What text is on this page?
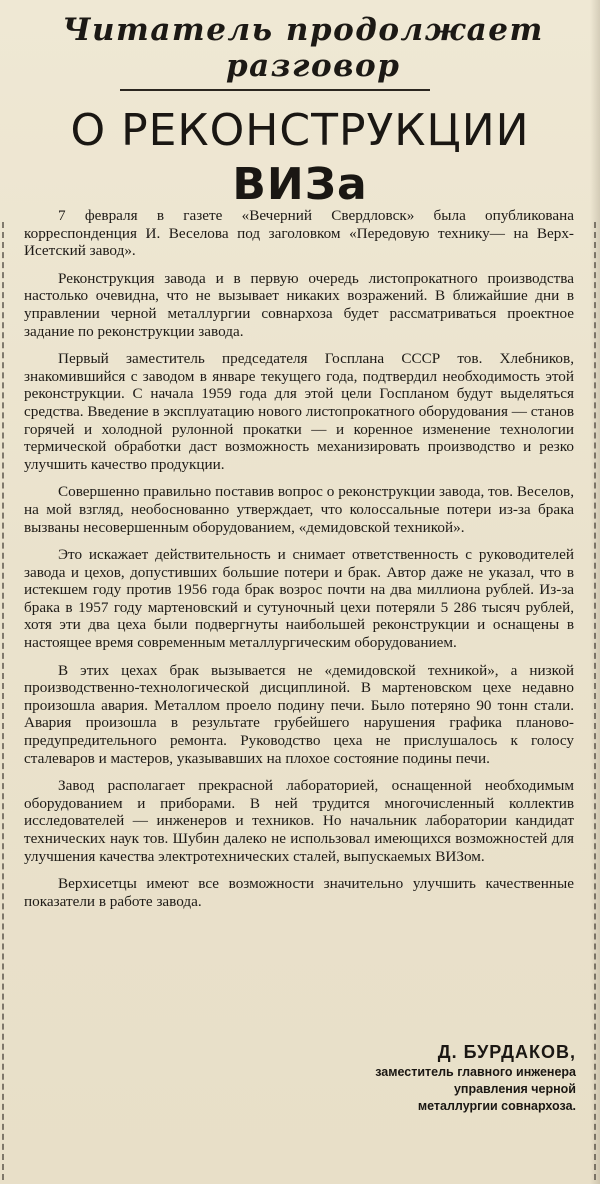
Читатель продолжает
разговор
О РЕКОНСТРУКЦИИ
ВИЗа

7 февраля в газете «Вечерний Свердловск» была опубликована корреспонденция И. Веселова под заголовком «Передовую технику— на Верх-Исетский завод».

Реконструкция завода и в первую очередь листопрокатного производства настолько очевидна, что не вызывает никаких возражений. В ближайшие дни в управлении черной металлургии совнархоза будет рассматриваться проектное задание по реконструкции завода.

Первый заместитель председателя Госплана СССР тов. Хлебников, знакомившийся с заводом в январе текущего года, подтвердил необходимость этой реконструкции. С начала 1959 года для этой цели Госпланом будут выделяться средства. Введение в эксплуатацию нового листопрокатного оборудования — станов горячей и холодной рулонной прокатки — и коренное изменение технологии термической обработки даст возможность механизировать производство и резко улучшить качество продукции.

Совершенно правильно поставив вопрос о реконструкции завода, тов. Веселов, на мой взгляд, необоснованно утверждает, что колоссальные потери из-за брака вызваны несовершенным оборудованием, «демидовской техникой».

Это искажает действительность и снимает ответственность с руководителей завода и цехов, допустивших большие потери и брак. Автор даже не указал, что в истекшем году против 1956 года брак возрос почти на два миллиона рублей. Из-за брака в 1957 году мартеновский и сутуночный цехи потеряли 5 286 тысяч рублей, хотя эти два цеха были подвергнуты наибольшей реконструкции и оснащены в настоящее время современным металлургическим оборудованием.

В этих цехах брак вызывается не «демидовской техникой», а низкой производственно-технологической дисциплиной. В мартеновском цехе недавно произошла авария. Металлом проело подину печи. Было потеряно 90 тонн стали. Авария произошла в результате грубейшего нарушения графика планово-предупредительного ремонта. Руководство цеха не прислушалось к голосу сталеваров и мастеров, указывавших на плохое состояние подины печи.

Завод располагает прекрасной лабораторией, оснащенной необходимым оборудованием и приборами. В ней трудится многочисленный коллектив исследователей — инженеров и техников. Но начальник лаборатории кандидат технических наук тов. Шубин далеко не использовал имеющихся возможностей для улучшения качества электротехнических сталей, выпускаемых ВИЗом.

Верхисетцы имеют все возможности значительно улучшить качественные показатели в работе завода.

Д. БУРДАКОВ,
заместитель главного инженера
управления черной
металлургии совнархоза.
